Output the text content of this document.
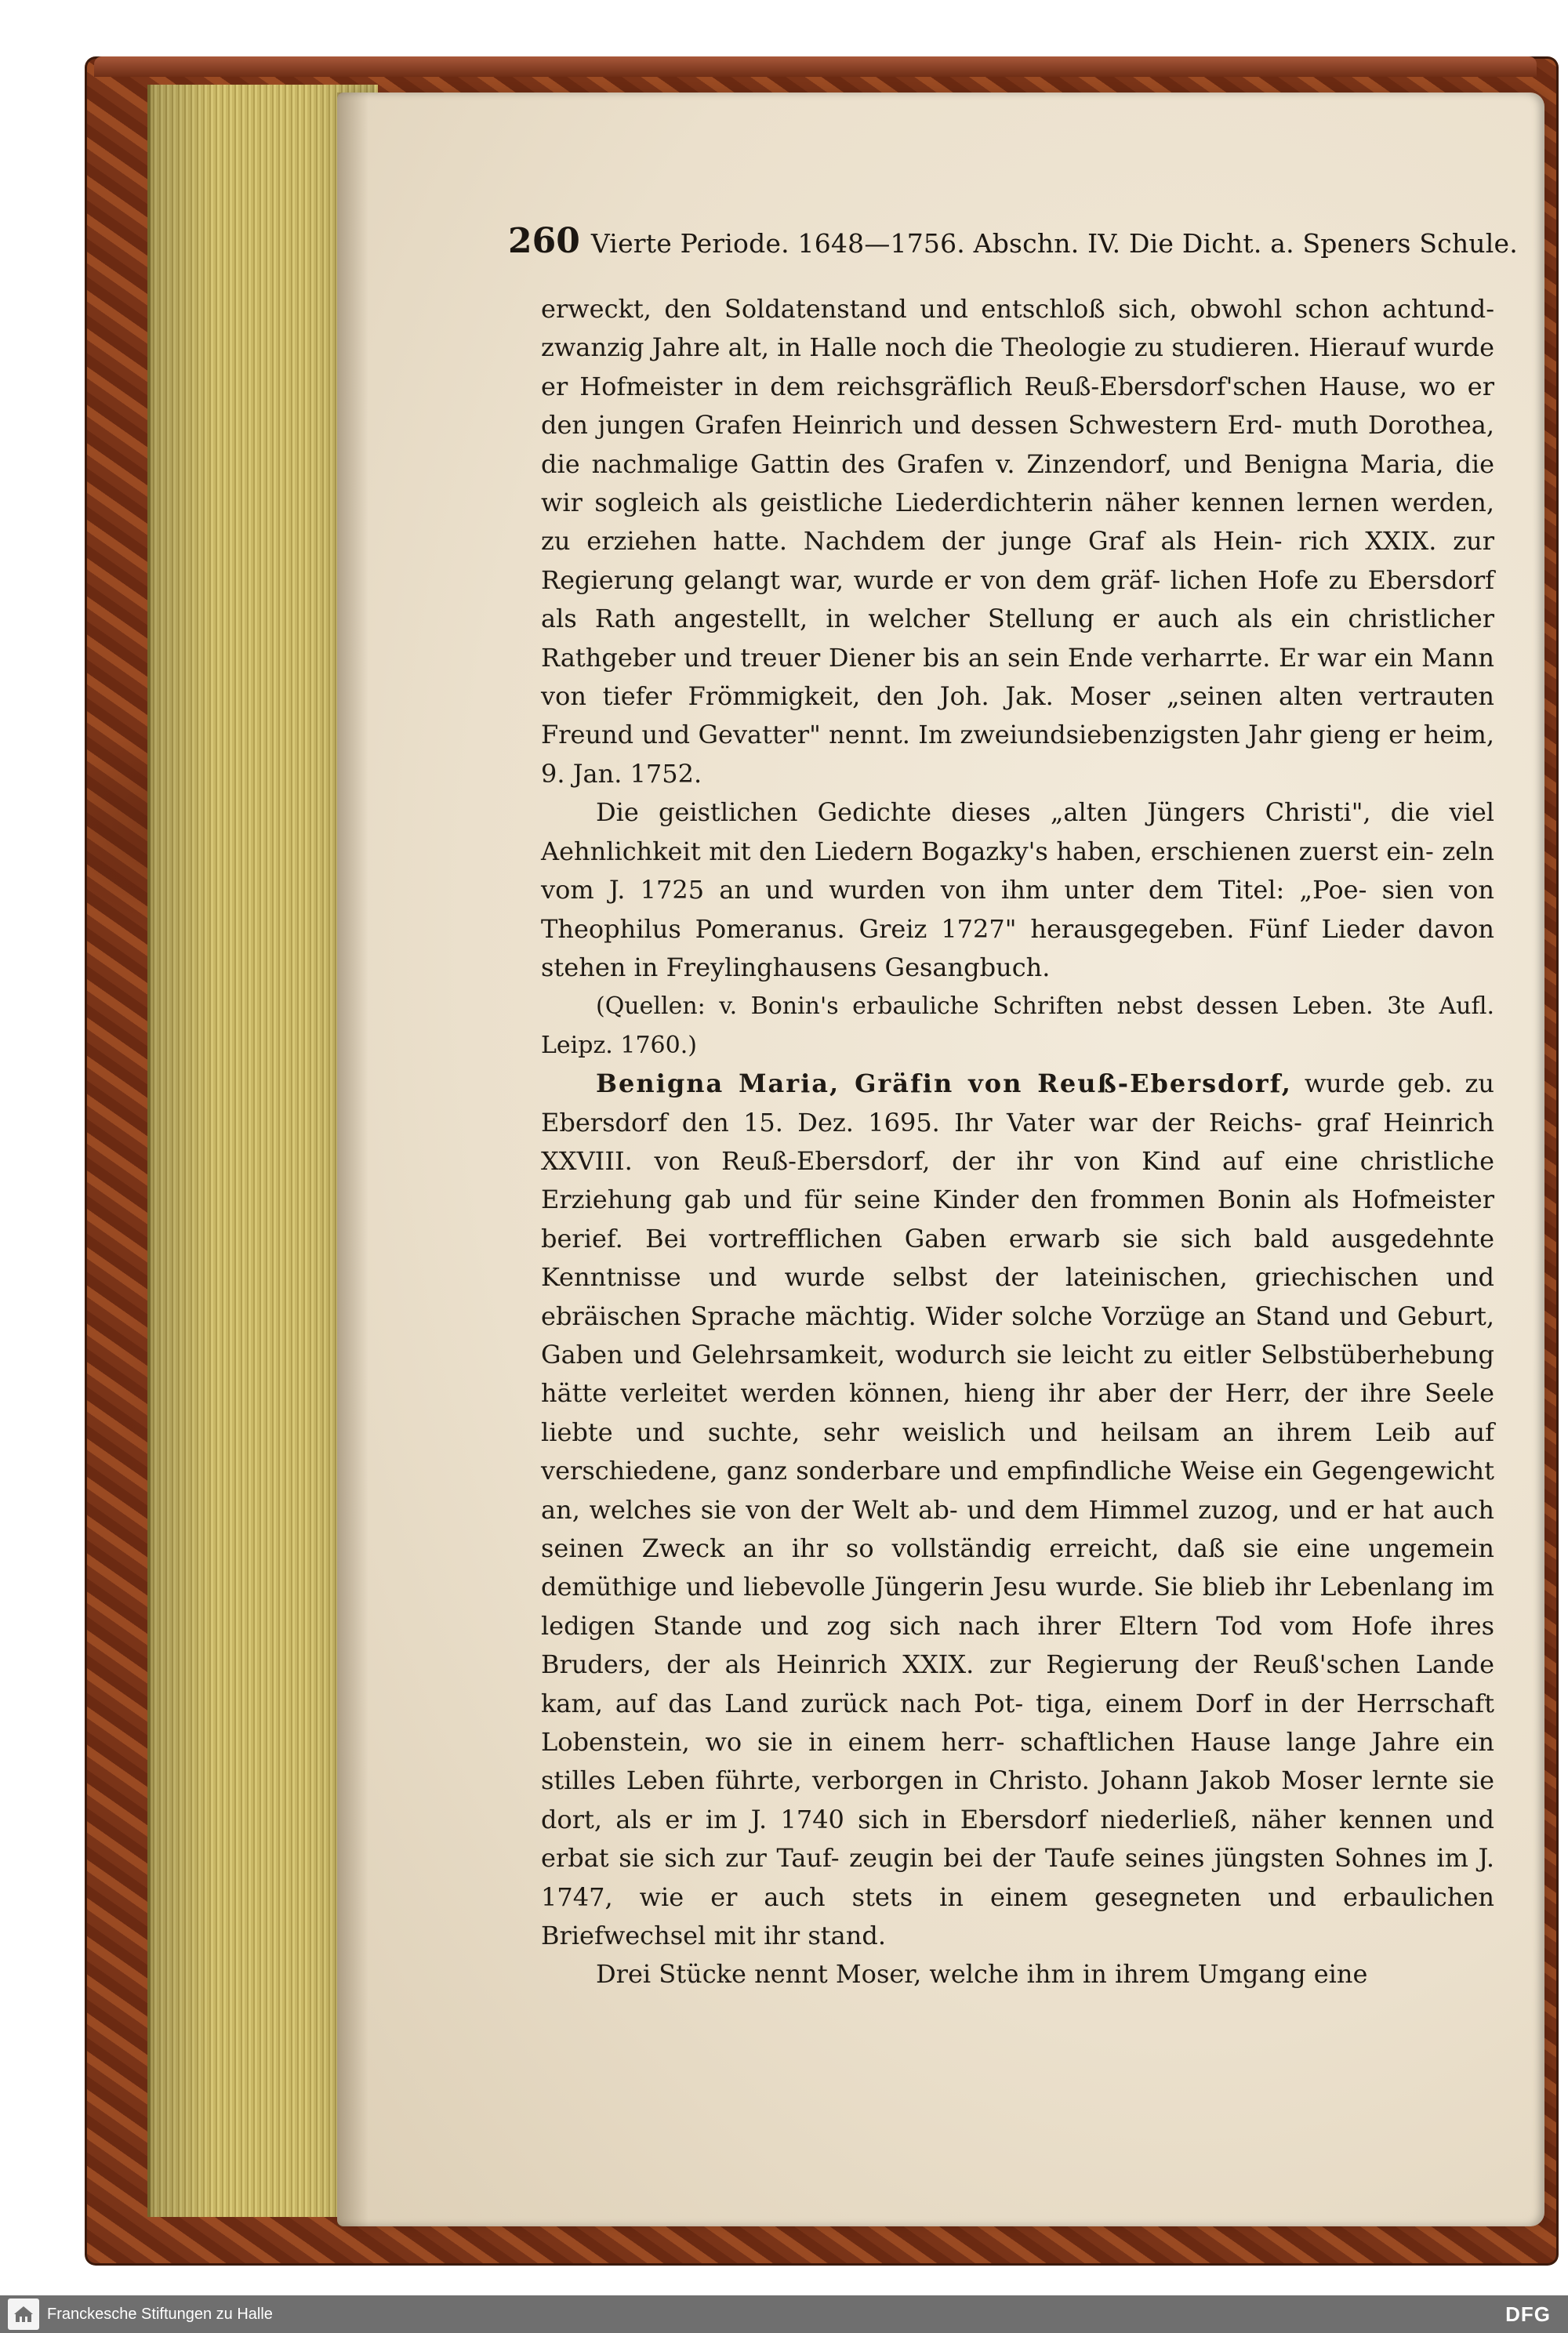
260 Vierte Periode. 1648—1756. Abschn. IV. Die Dicht. a. Speners Schule.

erweckt, den Soldatenstand und entschloß sich, obwohl schon achtund- zwanzig Jahre alt, in Halle noch die Theologie zu studieren. Hierauf wurde er Hofmeister in dem reichsgräflich Reuß-Ebersdorf'schen Hause, wo er den jungen Grafen Heinrich und dessen Schwestern Erd- muth Dorothea, die nachmalige Gattin des Grafen v. Zinzendorf, und Benigna Maria, die wir sogleich als geistliche Liederdichterin näher kennen lernen werden, zu erziehen hatte. Nachdem der junge Graf als Hein- rich XXIX. zur Regierung gelangt war, wurde er von dem gräf- lichen Hofe zu Ebersdorf als Rath angestellt, in welcher Stellung er auch als ein christlicher Rathgeber und treuer Diener bis an sein Ende verharrte. Er war ein Mann von tiefer Frömmigkeit, den Joh. Jak. Moser „seinen alten vertrauten Freund und Gevatter" nennt. Im zweiundsiebenzigsten Jahr gieng er heim, 9. Jan. 1752.

Die geistlichen Gedichte dieses „alten Jüngers Christi", die viel Aehnlichkeit mit den Liedern Bogazky's haben, erschienen zuerst ein- zeln vom J. 1725 an und wurden von ihm unter dem Titel: „Poe- sien von Theophilus Pomeranus. Greiz 1727" herausgegeben. Fünf Lieder davon stehen in Freylinghausens Gesangbuch.

(Quellen: v. Bonin's erbauliche Schriften nebst dessen Leben. 3te Aufl. Leipz. 1760.)

Benigna Maria, Gräfin von Reuß-Ebersdorf, wurde geb. zu Ebersdorf den 15. Dez. 1695. Ihr Vater war der Reichs- graf Heinrich XXVIII. von Reuß-Ebersdorf, der ihr von Kind auf eine christliche Erziehung gab und für seine Kinder den frommen Bonin als Hofmeister berief. Bei vortrefflichen Gaben erwarb sie sich bald ausgedehnte Kenntnisse und wurde selbst der lateinischen, griechischen und ebräischen Sprache mächtig. Wider solche Vorzüge an Stand und Geburt, Gaben und Gelehrsamkeit, wodurch sie leicht zu eitler Selbstüberhebung hätte verleitet werden können, hieng ihr aber der Herr, der ihre Seele liebte und suchte, sehr weislich und heilsam an ihrem Leib auf verschiedene, ganz sonderbare und empfindliche Weise ein Gegengewicht an, welches sie von der Welt ab- und dem Himmel zuzog, und er hat auch seinen Zweck an ihr so vollständig erreicht, daß sie eine ungemein demüthige und liebevolle Jüngerin Jesu wurde. Sie blieb ihr Lebenlang im ledigen Stande und zog sich nach ihrer Eltern Tod vom Hofe ihres Bruders, der als Heinrich XXIX. zur Regierung der Reuß'schen Lande kam, auf das Land zurück nach Pot- tiga, einem Dorf in der Herrschaft Lobenstein, wo sie in einem herr- schaftlichen Hause lange Jahre ein stilles Leben führte, verborgen in Christo. Johann Jakob Moser lernte sie dort, als er im J. 1740 sich in Ebersdorf niederließ, näher kennen und erbat sie sich zur Tauf- zeugin bei der Taufe seines jüngsten Sohnes im J. 1747, wie er auch stets in einem gesegneten und erbaulichen Briefwechsel mit ihr stand.

Drei Stücke nennt Moser, welche ihm in ihrem Umgang eine

Franckesche Stiftungen zu Halle	DFG
